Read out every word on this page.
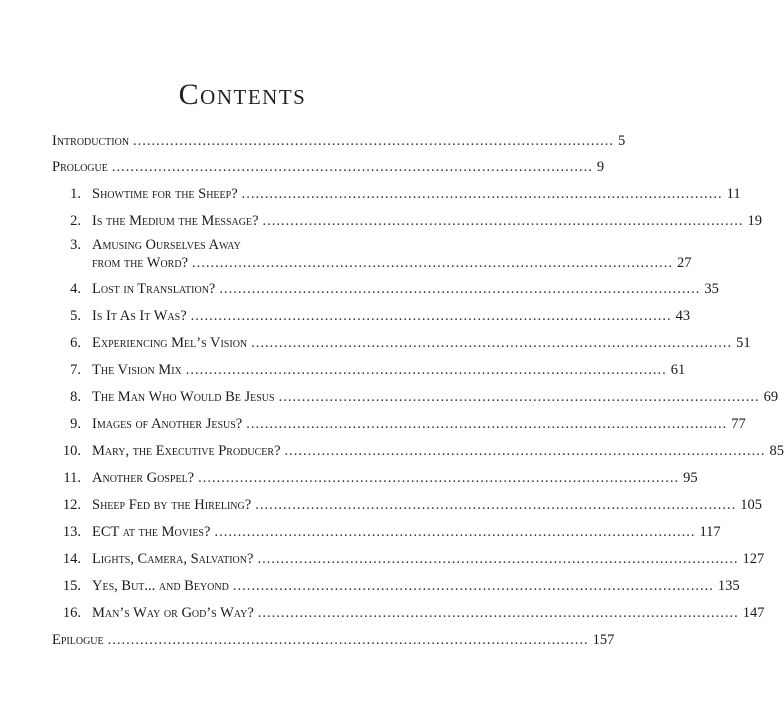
Contents
Introduction ........................................................................................................ 5
Prologue ........................................................................................................ 9
1. Showtime for the Sheep? ........................................................................................................ 11
2. Is the Medium the Message? ........................................................................................................ 19
3. Amusing Ourselves Away
from the Word? ........................................................................................................ 27
4. Lost in Translation? ........................................................................................................ 35
5. Is It As It Was? ........................................................................................................ 43
6. Experiencing Mel’s Vision ........................................................................................................ 51
7. The Vision Mix ........................................................................................................ 61
8. The Man Who Would Be Jesus ........................................................................................................ 69
9. Images of Another Jesus? ........................................................................................................ 77
10. Mary, the Executive Producer? ........................................................................................................ 85
11. Another Gospel? ........................................................................................................ 95
12. Sheep Fed by the Hireling? ........................................................................................................ 105
13. ECT at the Movies? ........................................................................................................ 117
14. Lights, Camera, Salvation? ........................................................................................................ 127
15. Yes, But... and Beyond ........................................................................................................ 135
16. Man’s Way or God’s Way? ........................................................................................................ 147
Epilogue ........................................................................................................ 157
